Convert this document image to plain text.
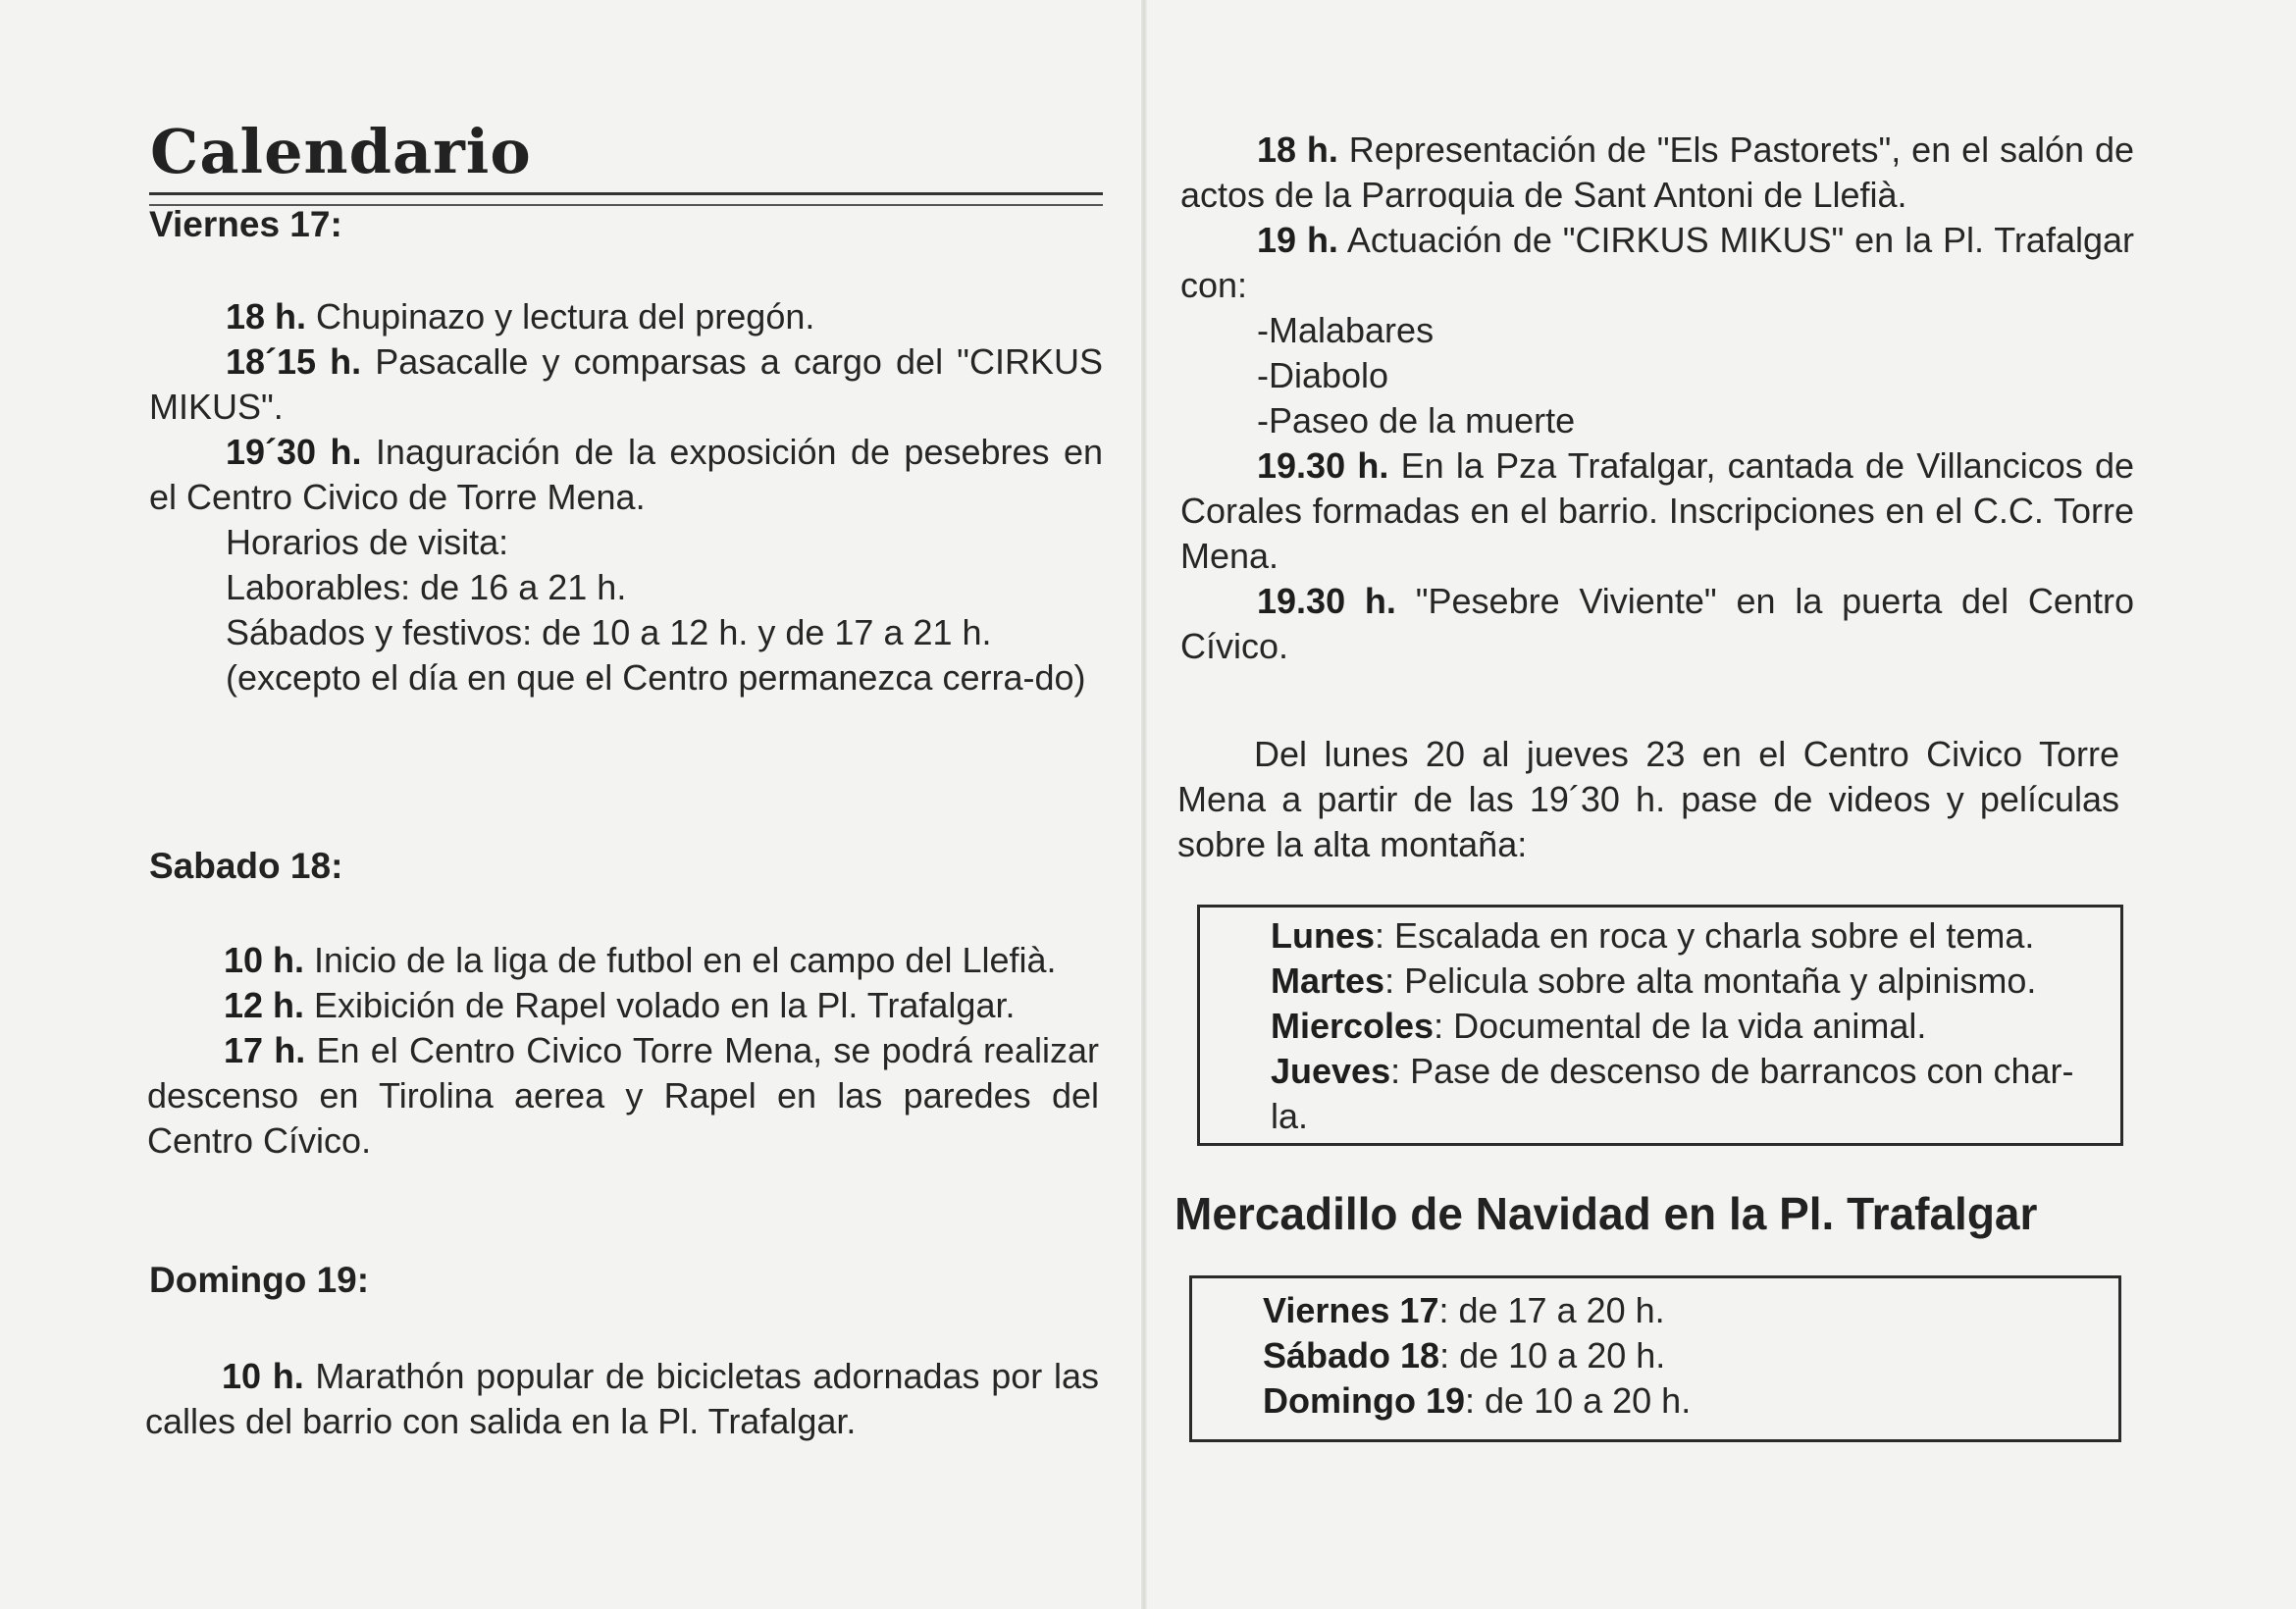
Calendario
Viernes 17:

18 h. Chupinazo y lectura del pregón.

18´15 h. Pasacalle y comparsas a cargo del "CIRKUS MIKUS".

19´30 h. Inaguración de la exposición de pesebres en el Centro Civico de Torre Mena.

Horarios de visita:

Laborables: de 16 a 21 h.

Sábados y festivos: de 10 a 12 h. y de 17 a 21 h.

(excepto el día en que el Centro permanezca cerra-do)

Sabado 18:

10 h. Inicio de la liga de futbol en el campo del Llefià.

12 h. Exibición de Rapel volado en la Pl. Trafalgar.

17 h. En el Centro Civico Torre Mena, se podrá realizar descenso en Tirolina aerea y Rapel en las paredes del Centro Cívico.

Domingo 19:

10 h. Marathón popular de bicicletas adornadas por las calles del barrio con salida en la Pl. Trafalgar.

18 h. Representación de "Els Pastorets", en el salón de actos de la Parroquia de Sant Antoni de Llefià.

19 h. Actuación de "CIRKUS MIKUS" en la Pl. Trafalgar con:

-Malabares

-Diabolo

-Paseo de la muerte

19.30 h. En la Pza Trafalgar, cantada de Villancicos de Corales formadas en el barrio. Inscripciones en el C.C. Torre Mena.

19.30 h. "Pesebre Viviente" en la puerta del Centro Cívico.

Del lunes 20 al jueves 23 en el Centro Civico Torre Mena a partir de las 19´30 h. pase de videos y películas sobre la alta montaña:

Lunes: Escalada en roca y charla sobre el tema.

Martes: Pelicula sobre alta montaña y alpinismo.

Miercoles: Documental de la vida animal.

Jueves: Pase de descenso de barrancos con char-la.

Mercadillo de Navidad en la Pl. Trafalgar

Viernes 17: de 17 a 20 h.

Sábado 18: de 10 a 20 h.

Domingo 19: de 10 a 20 h.
